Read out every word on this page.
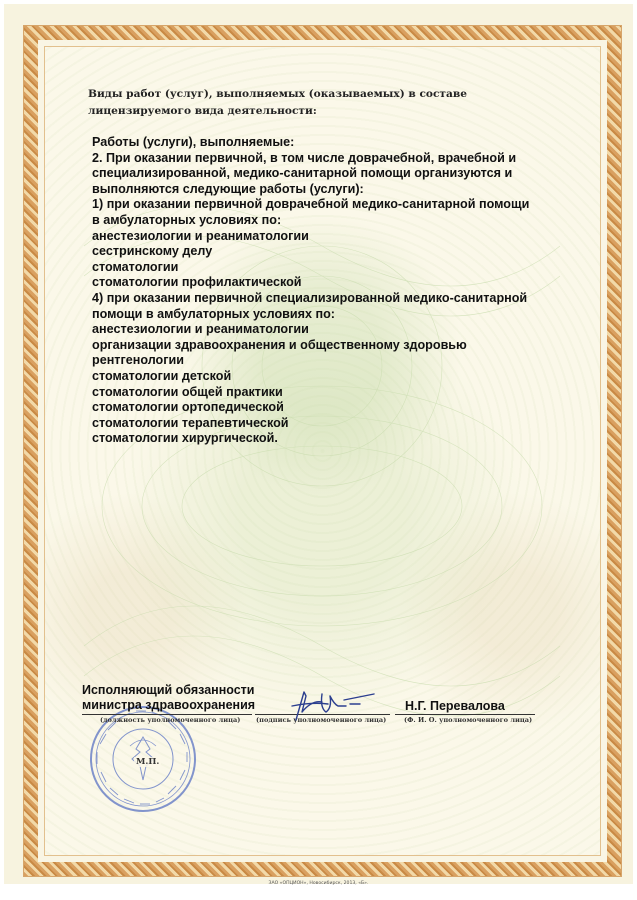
Виды работ (услуг), выполняемых (оказываемых) в составе лицензируемого вида деятельности:
Работы (услуги), выполняемые:
2. При оказании первичной, в том числе доврачебной, врачебной и
специализированной, медико-санитарной помощи организуются и
выполняются следующие работы (услуги):
1) при оказании первичной доврачебной медико-санитарной помощи
в амбулаторных условиях по:
анестезиологии и реаниматологии
сестринскому делу
стоматологии
стоматологии профилактической
4) при оказании первичной специализированной медико-санитарной
помощи в амбулаторных условиях по:
анестезиологии и реаниматологии
организации здравоохранения и общественному здоровью
рентгенологии
стоматологии детской
стоматологии общей практики
стоматологии ортопедической
стоматологии терапевтической
стоматологии хирургической.
М.П.
Исполняющий обязанности
министра здравоохранения
(должность уполномоченного лица) (подпись уполномоченного лица)	(Ф. И. О. уполномоченного лица)
Н.Г. Перевалова
ЗАО «ОПЦИОН», Новосибирск, 2013, «Б».
